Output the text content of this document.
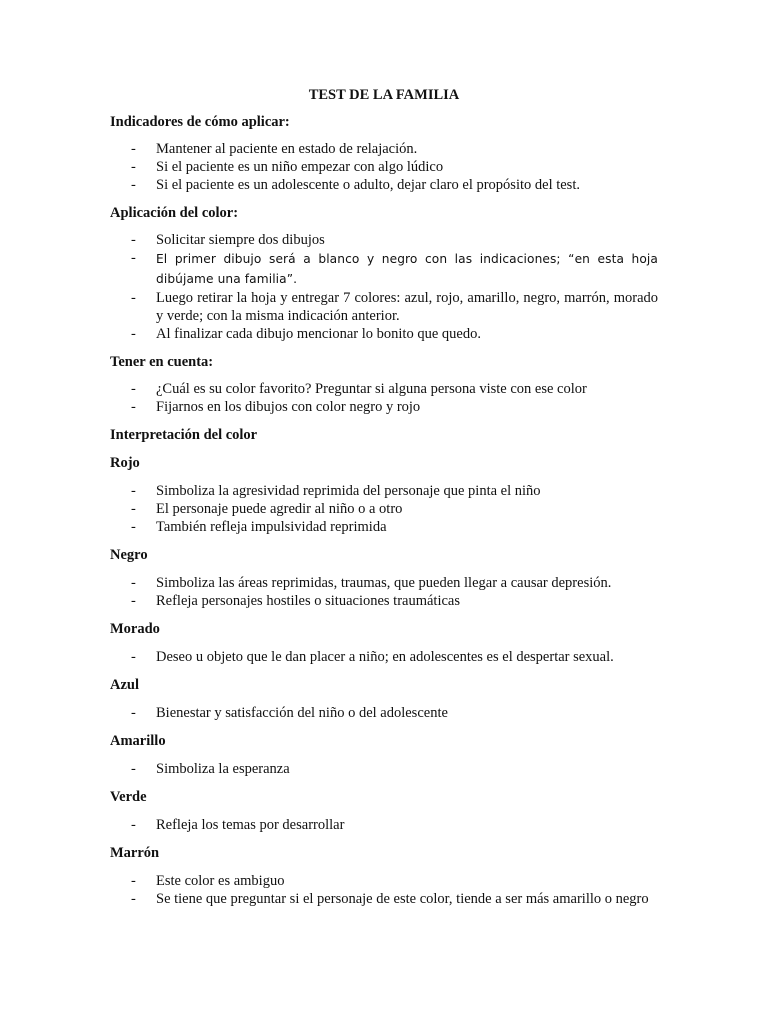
TEST DE LA FAMILIA

Indicadores de cómo aplicar:

- Mantener al paciente en estado de relajación.
- Si el paciente es un niño empezar con algo lúdico
- Si el paciente es un adolescente o adulto, dejar claro el propósito del test.

Aplicación del color:

- Solicitar siempre dos dibujos
- El primer dibujo será a blanco y negro con las indicaciones; “en esta hoja dibújame una familia”.
- Luego retirar la hoja y entregar 7 colores: azul, rojo, amarillo, negro, marrón, morado y verde; con la misma indicación anterior.
- Al finalizar cada dibujo mencionar lo bonito que quedo.

Tener en cuenta:

- ¿Cuál es su color favorito? Preguntar si alguna persona viste con ese color
- Fijarnos en los dibujos con color negro y rojo

Interpretación del color

Rojo

- Simboliza la agresividad reprimida del personaje que pinta el niño
- El personaje puede agredir al niño o a otro
- También refleja impulsividad reprimida

Negro

- Simboliza las áreas reprimidas, traumas, que pueden llegar a causar depresión.
- Refleja personajes hostiles o situaciones traumáticas

Morado

- Deseo u objeto que le dan placer a niño; en adolescentes es el despertar sexual.

Azul

- Bienestar y satisfacción del niño o del adolescente

Amarillo

- Simboliza la esperanza

Verde

- Refleja los temas por desarrollar

Marrón

- Este color es ambiguo
- Se tiene que preguntar si el personaje de este color, tiende a ser más amarillo o negro
